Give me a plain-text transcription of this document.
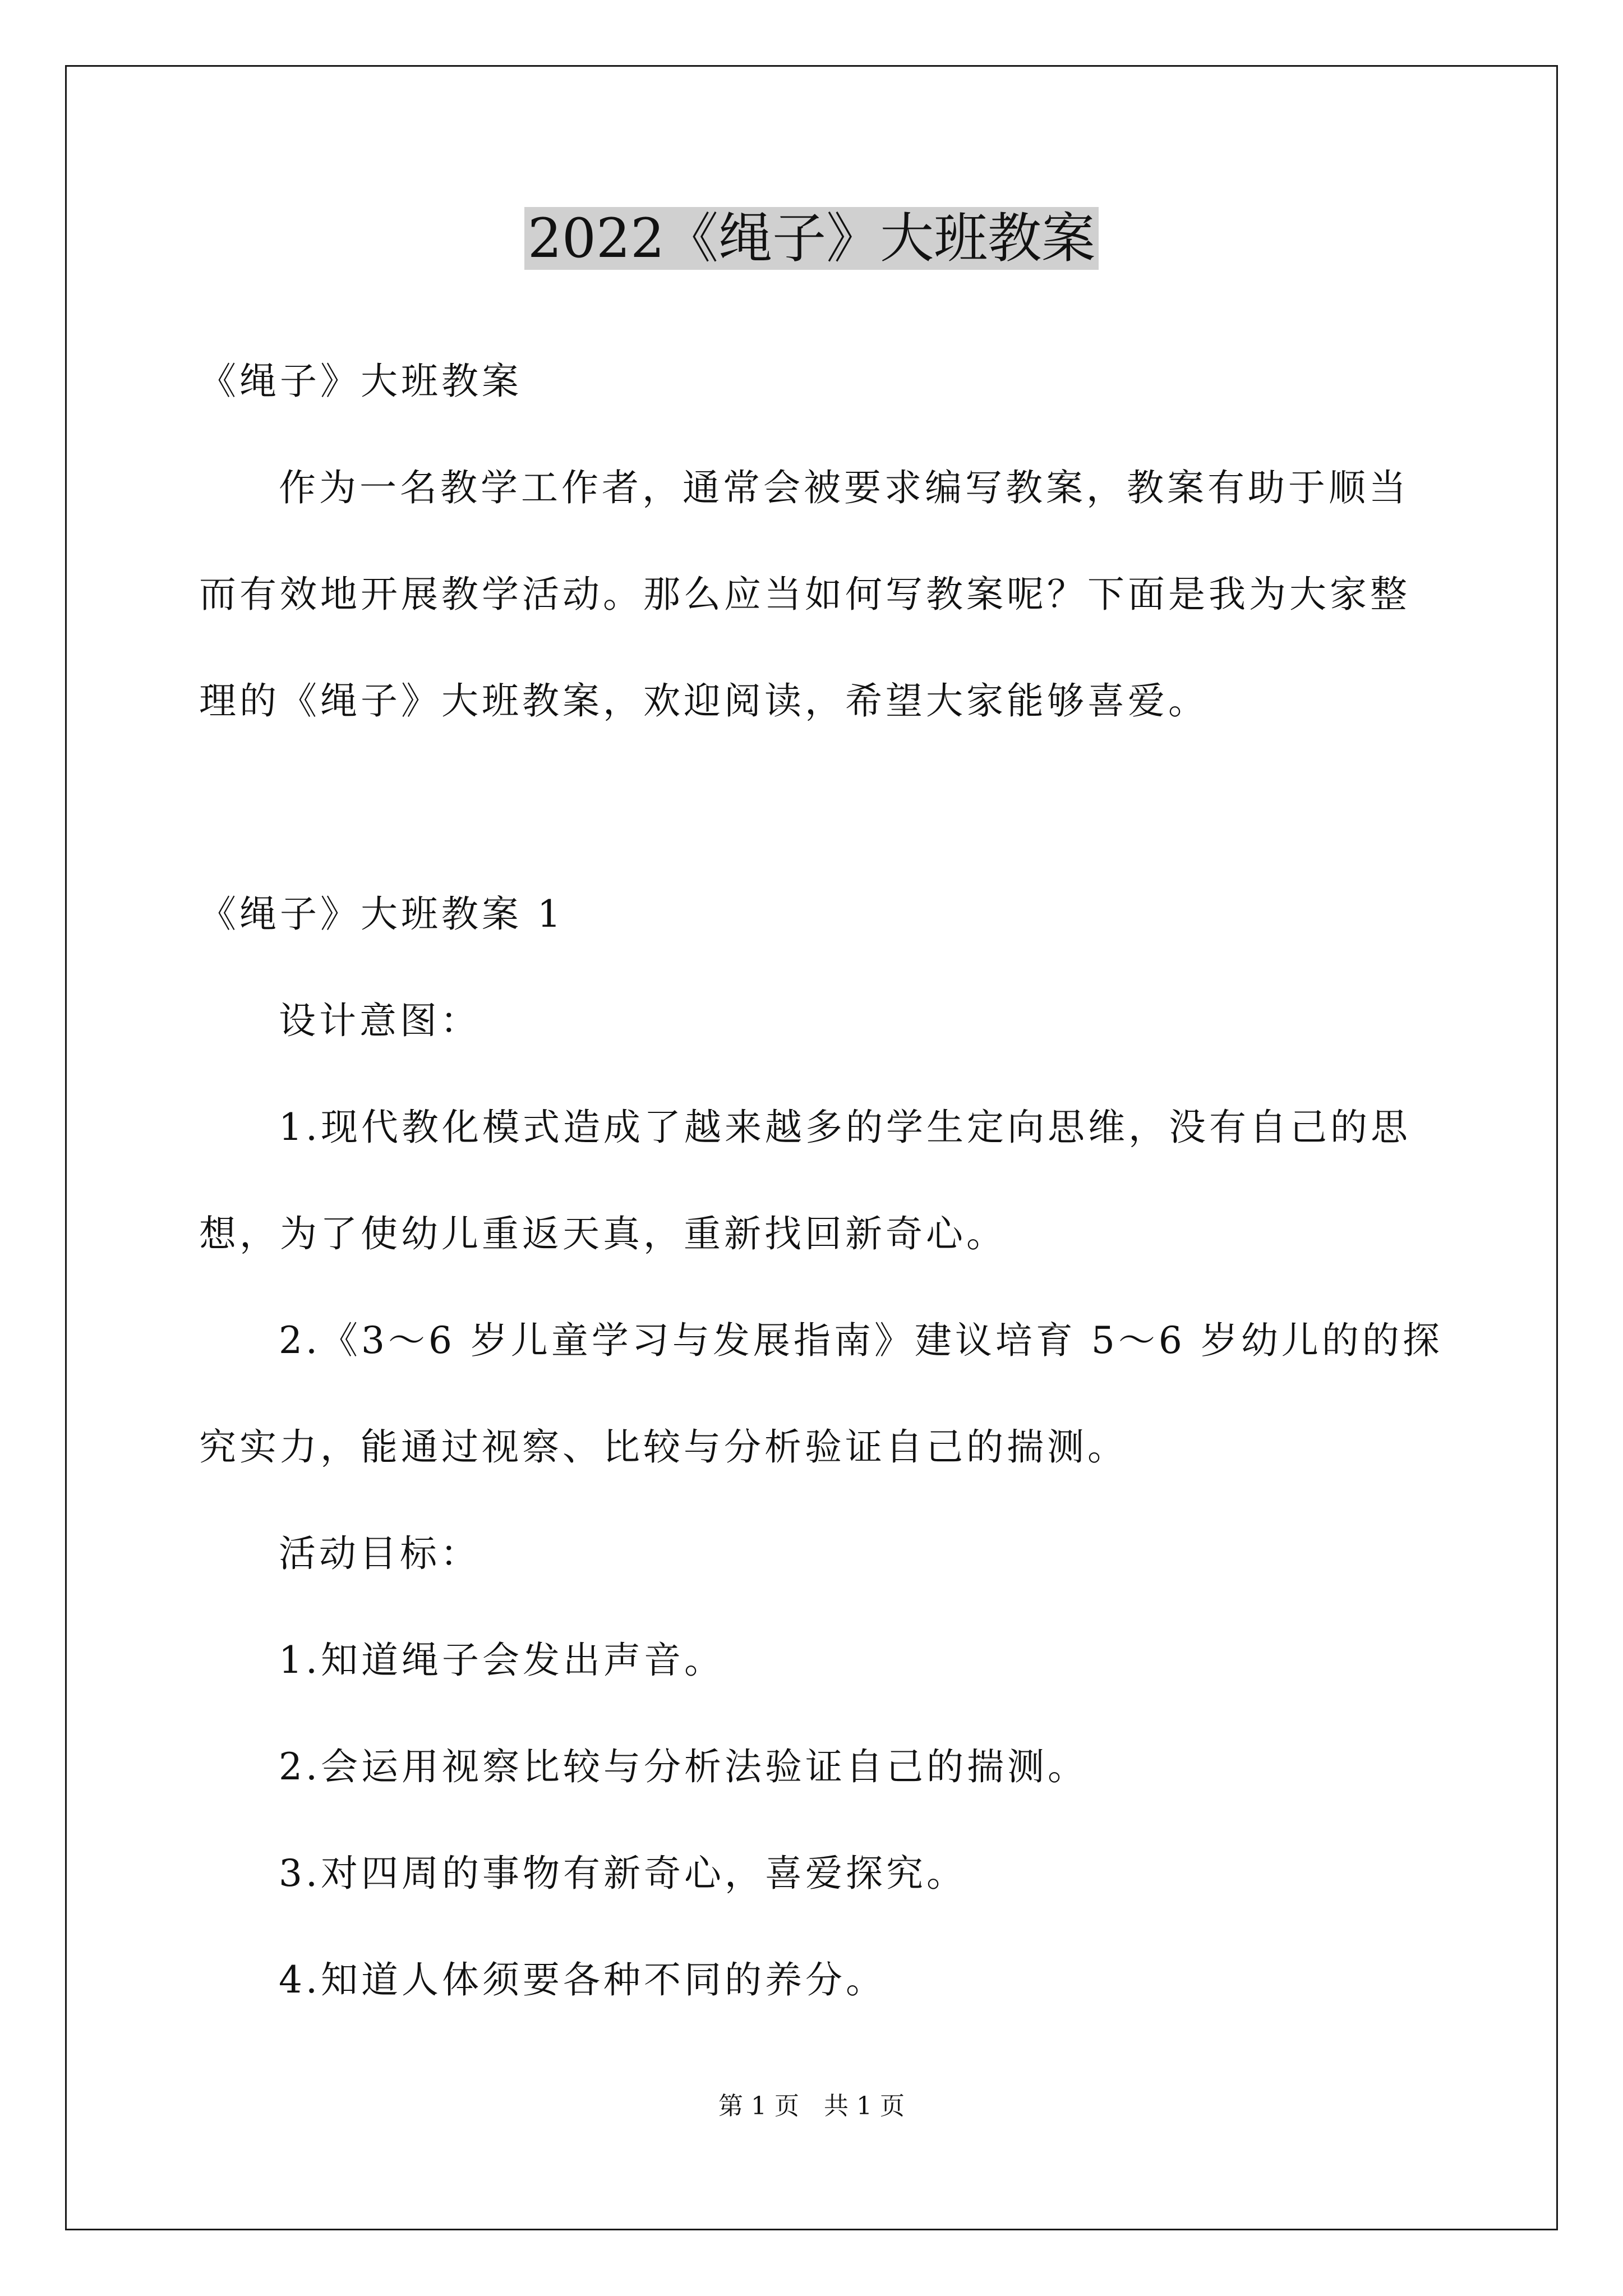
2022《绳子》大班教案
《绳子》大班教案
作为一名教学工作者，通常会被要求编写教案，教案有助于顺当
而有效地开展教学活动。那么应当如何写教案呢？下面是我为大家整
理的《绳子》大班教案，欢迎阅读，希望大家能够喜爱。
《绳子》大班教案 1
设计意图：
1.现代教化模式造成了越来越多的学生定向思维，没有自己的思
想，为了使幼儿重返天真，重新找回新奇心。
2.《3～6 岁儿童学习与发展指南》建议培育 5～6 岁幼儿的的探
究实力，能通过视察、比较与分析验证自己的揣测。
活动目标：
1.知道绳子会发出声音。
2.会运用视察比较与分析法验证自己的揣测。
3.对四周的事物有新奇心，喜爱探究。
4.知道人体须要各种不同的养分。
第 1 页　共 1 页
